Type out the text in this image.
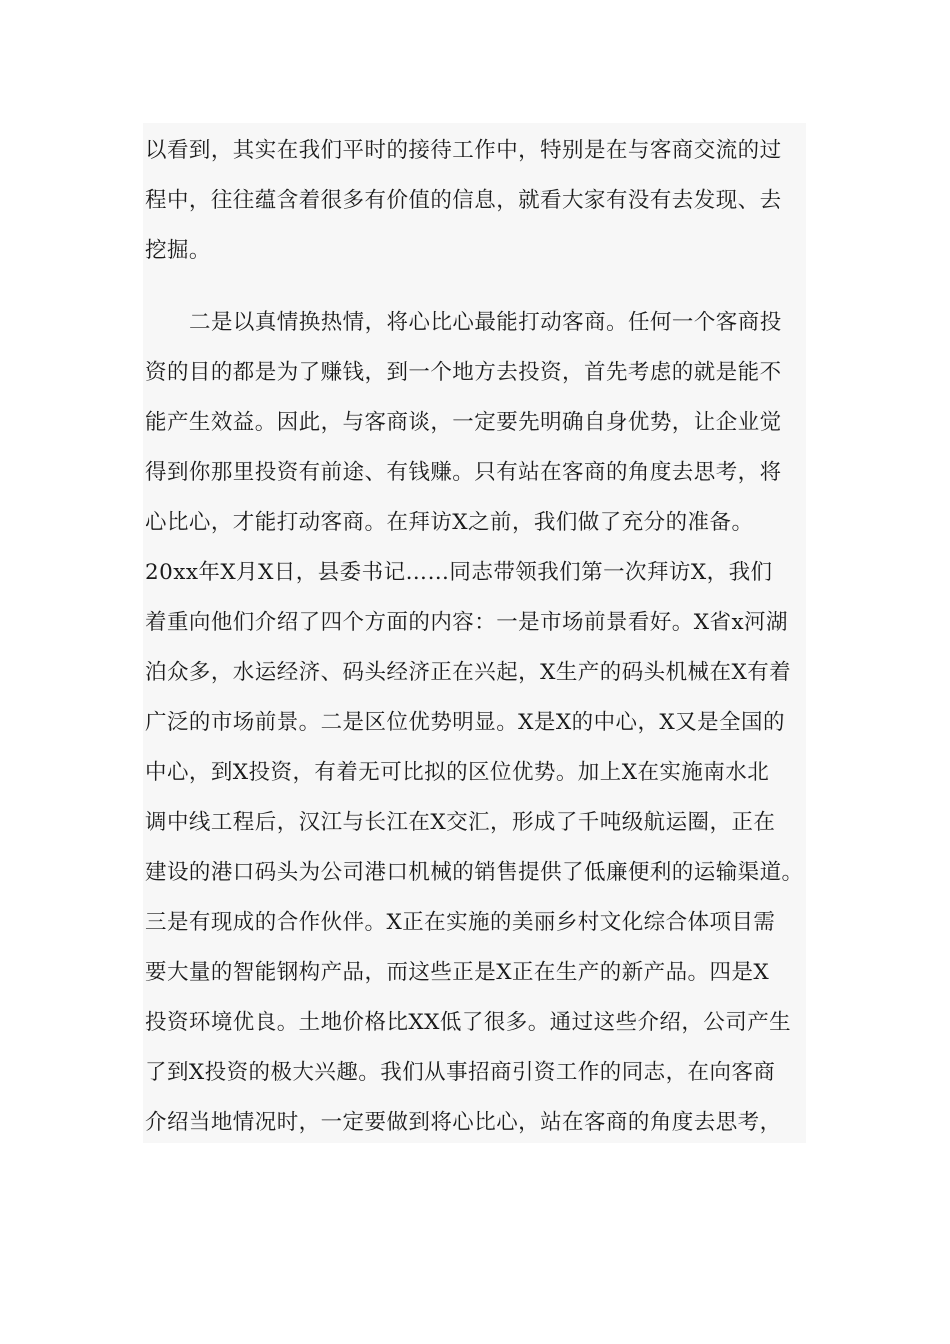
以看到，其实在我们平时的接待工作中，特别是在与客商交流的过
程中，往往蕴含着很多有价值的信息，就看大家有没有去发现、去
挖掘。
二是以真情换热情，将心比心最能打动客商。任何一个客商投
资的目的都是为了赚钱，到一个地方去投资，首先考虑的就是能不
能产生效益。因此，与客商谈，一定要先明确自身优势，让企业觉
得到你那里投资有前途、有钱赚。只有站在客商的角度去思考，将
心比心，才能打动客商。在拜访X之前，我们做了充分的准备。
20xx年X月X日，县委书记……同志带领我们第一次拜访X，我们
着重向他们介绍了四个方面的内容：一是市场前景看好。X省x河湖
泊众多，水运经济、码头经济正在兴起，X生产的码头机械在X有着
广泛的市场前景。二是区位优势明显。X是X的中心，X又是全国的
中心，到X投资，有着无可比拟的区位优势。加上X在实施南水北
调中线工程后，汉江与长江在X交汇，形成了千吨级航运圈，正在
建设的港口码头为公司港口机械的销售提供了低廉便利的运输渠道。
三是有现成的合作伙伴。X正在实施的美丽乡村文化综合体项目需
要大量的智能钢构产品，而这些正是X正在生产的新产品。四是X
投资环境优良。土地价格比XX低了很多。通过这些介绍，公司产生
了到X投资的极大兴趣。我们从事招商引资工作的同志，在向客商
介绍当地情况时，一定要做到将心比心，站在客商的角度去思考，
